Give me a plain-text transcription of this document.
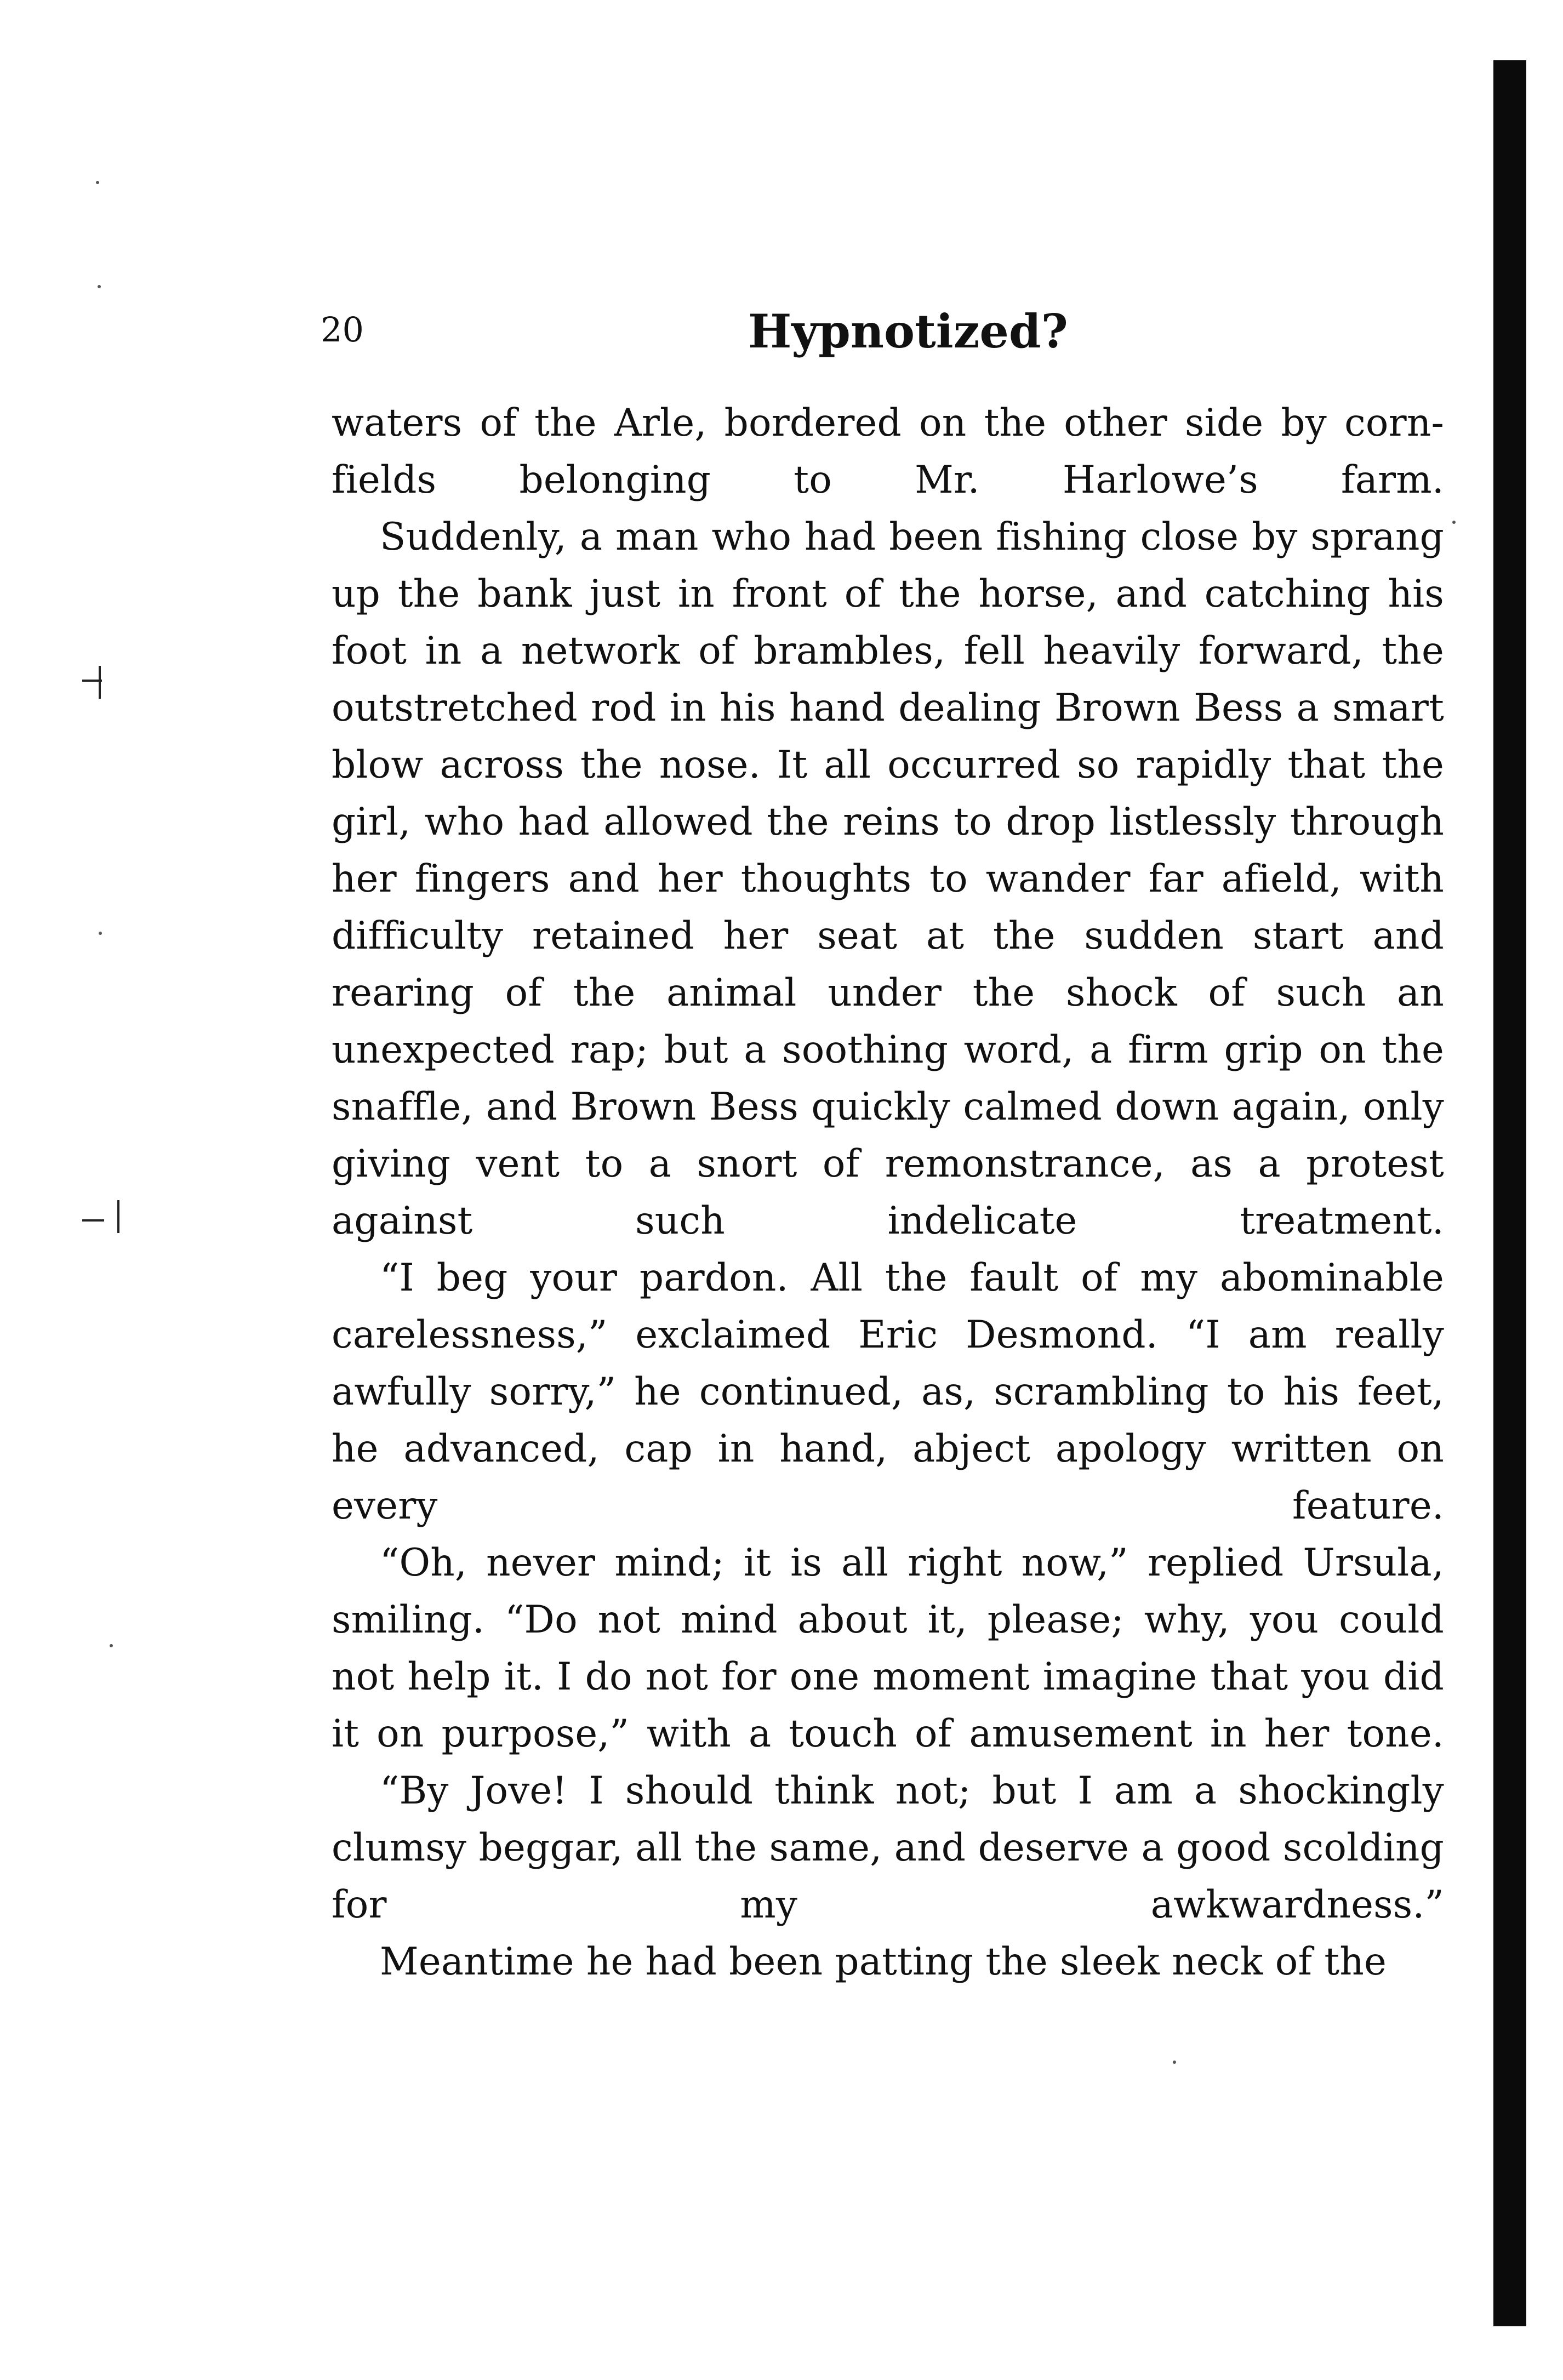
20	Hypnotized?

waters of the Arle, bordered on the other side by corn-fields belonging to Mr. Harlowe’s farm.

Suddenly, a man who had been fishing close by sprang up the bank just in front of the horse, and catching his foot in a network of brambles, fell heavily forward, the outstretched rod in his hand dealing Brown Bess a smart blow across the nose. It all occurred so rapidly that the girl, who had allowed the reins to drop listlessly through her fingers and her thoughts to wander far afield, with difficulty retained her seat at the sudden start and rearing of the animal under the shock of such an unexpected rap; but a soothing word, a firm grip on the snaffle, and Brown Bess quickly calmed down again, only giving vent to a snort of remonstrance, as a protest against such indelicate treatment.

“I beg your pardon. All the fault of my abominable carelessness,” exclaimed Eric Desmond. “I am really awfully sorry,” he continued, as, scrambling to his feet, he advanced, cap in hand, abject apology written on every feature.

“Oh, never mind; it is all right now,” replied Ursula, smiling. “Do not mind about it, please; why, you could not help it. I do not for one moment imagine that you did it on purpose,” with a touch of amusement in her tone.

“By Jove! I should think not; but I am a shockingly clumsy beggar, all the same, and deserve a good scolding for my awkwardness.”

Meantime he had been patting the sleek neck of the
